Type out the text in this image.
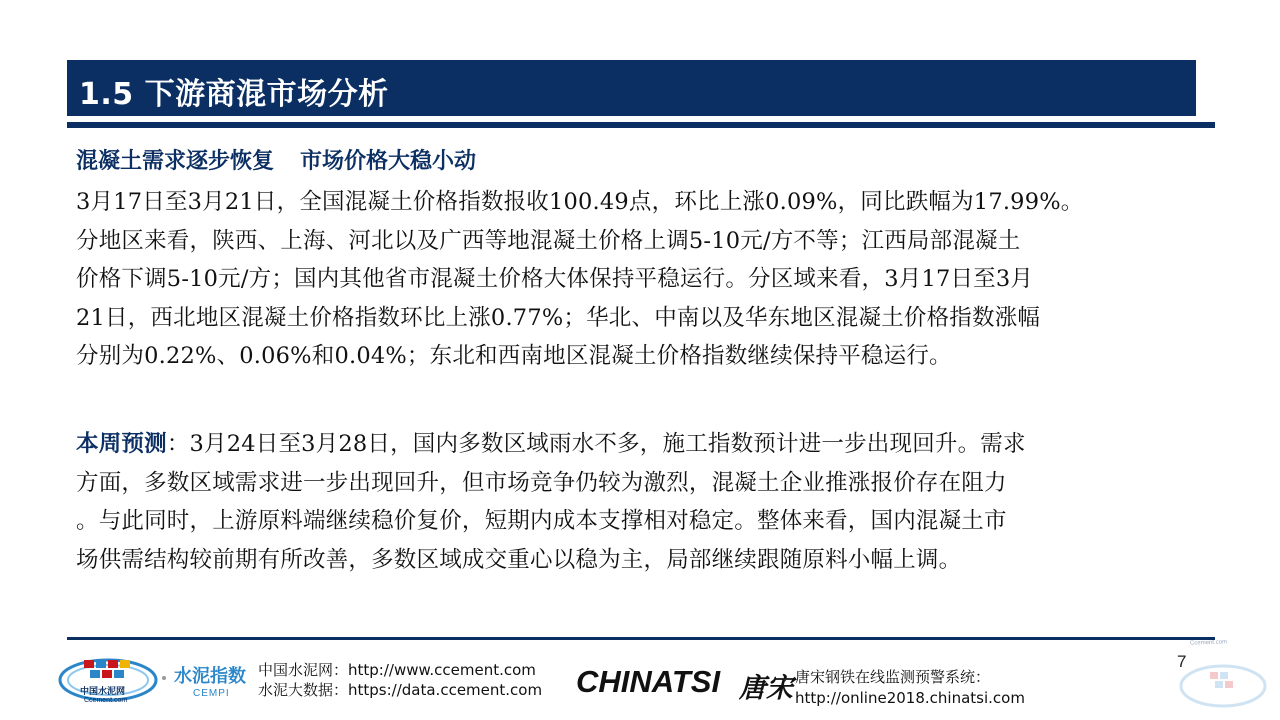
1.5 下游商混市场分析
混凝土需求逐步恢复 市场价格大稳小动
3月17日至3月21日，全国混凝土价格指数报收100.49点，环比上涨0.09%，同比跌幅为17.99%。
分地区来看，陕西、上海、河北以及广西等地混凝土价格上调5-10元/方不等；江西局部混凝土
价格下调5-10元/方；国内其他省市混凝土价格大体保持平稳运行。分区域来看，3月17日至3月
21日，西北地区混凝土价格指数环比上涨0.77%；华北、中南以及华东地区混凝土价格指数涨幅
分别为0.22%、0.06%和0.04%；东北和西南地区混凝土价格指数继续保持平稳运行。
本周预测：3月24日至3月28日，国内多数区域雨水不多，施工指数预计进一步出现回升。需求
方面，多数区域需求进一步出现回升，但市场竞争仍较为激烈，混凝土企业推涨报价存在阻力
。与此同时，上游原料端继续稳价复价，短期内成本支撑相对稳定。整体来看，国内混凝土市
场供需结构较前期有所改善，多数区域成交重心以稳为主，局部继续跟随原料小幅上调。
7
中国水泥网
Ccement.com
水泥指数
CEMPI
中国水泥网：http://www.ccement.com
水泥大数据：https://data.ccement.com CHINATSI 唐宋 唐宋钢铁在线监测预警系统：
http://online2018.chinatsi.com
Ccement.com
